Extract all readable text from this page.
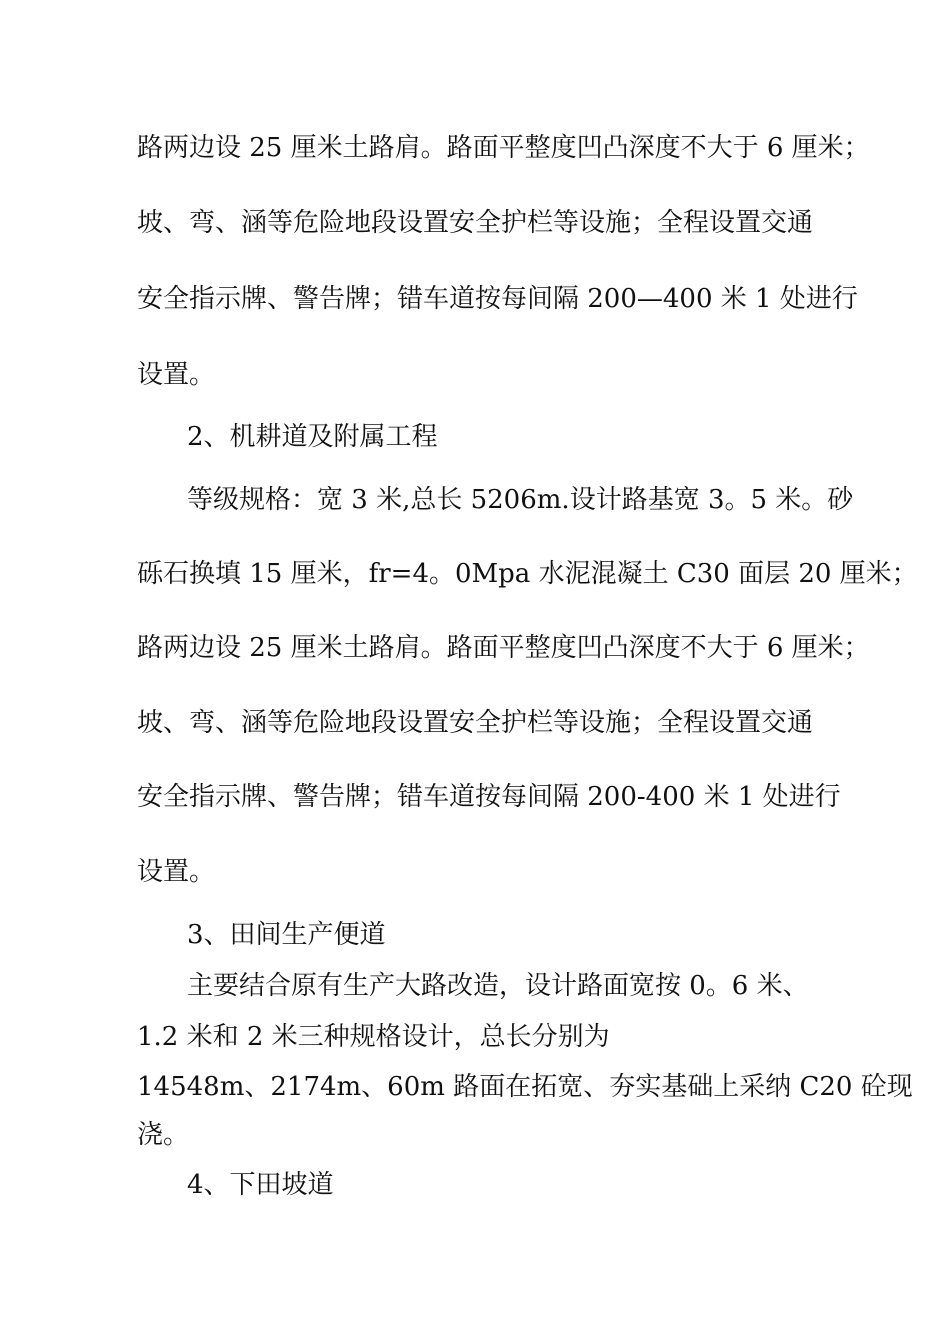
路两边设 25 厘米土路肩。路面平整度凹凸深度不大于 6 厘米；
坡、弯、涵等危险地段设置安全护栏等设施；全程设置交通
安全指示牌、警告牌；错车道按每间隔 200—400 米 1 处进行
设置。
2、机耕道及附属工程
等级规格：宽 3 米,总长 5206m.设计路基宽 3。5 米。砂
砾石换填 15 厘米，fr=4。0Mpa 水泥混凝土 C30 面层 20 厘米；
路两边设 25 厘米土路肩。路面平整度凹凸深度不大于 6 厘米；
坡、弯、涵等危险地段设置安全护栏等设施；全程设置交通
安全指示牌、警告牌；错车道按每间隔 200-400 米 1 处进行
设置。
3、田间生产便道
主要结合原有生产大路改造，设计路面宽按 0。6 米、
1.2 米和 2 米三种规格设计，总长分别为
14548m、2174m、60m 路面在拓宽、夯实基础上采纳 C20 砼现
浇。
4、下田坡道
